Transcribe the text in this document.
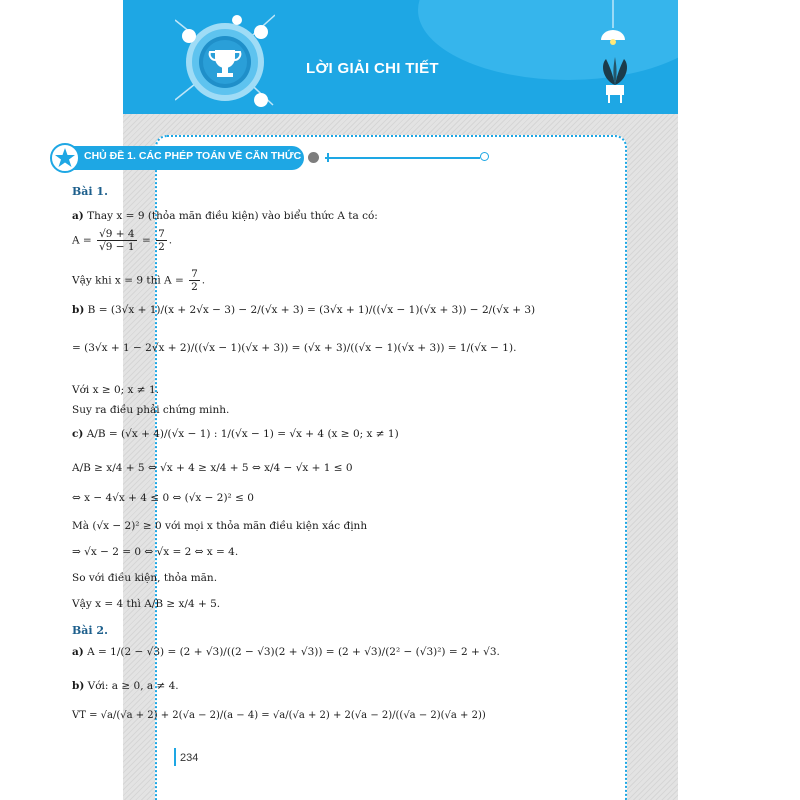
LỜI GIẢI CHI TIẾT
CHỦ ĐỀ 1. CÁC PHÉP TOÁN VỀ CĂN THỨC
Bài 1.
a) Thay x = 9 (thỏa mãn điều kiện) vào biểu thức A ta có:
$A = \frac{√9 + 4}{√9 - 1} = \frac{7}{2}$ .
Vậy khi x = 9 thì $A = \frac{7}{2}$ .
b) B = (3√x + 1)/(x + 2√x − 3) − 2/(√x + 3) = (3√x + 1)/((√x − 1)(√x + 3)) − 2/(√x + 3)
= (3√x + 1 − 2√x + 2)/((√x − 1)(√x + 3)) = (√x + 3)/((√x − 1)(√x + 3)) = 1/(√x − 1).
Với x ≥ 0; x ≠ 1.
Suy ra điều phải chứng minh.
c) A/B = (√x + 4)/(√x − 1) : 1/(√x − 1) = √x + 4 (x ≥ 0; x ≠ 1)
A/B ≥ x/4 + 5 ⇔ √x + 4 ≥ x/4 + 5 ⇔ x/4 − √x + 1 ≤ 0
⇔ x − 4√x + 4 ≤ 0 ⇔ (√x − 2)² ≤ 0
Mà (√x − 2)² ≥ 0 với mọi x thỏa mãn điều kiện xác định
⇒ √x − 2 = 0 ⇔ √x = 2 ⇔ x = 4.
So với điều kiện, thỏa mãn.
Vậy x = 4 thì A/B ≥ x/4 + 5.
Bài 2.
a) A = 1/(2 − √3) = (2 + √3)/((2 − √3)(2 + √3)) = (2 + √3)/(2² − (√3)²) = 2 + √3.
b) Với: a ≥ 0, a ≠ 4.
VT = √a/(√a + 2) + 2(√a − 2)/(a − 4) = √a/(√a + 2) + 2(√a − 2)/((√a − 2)(√a + 2))
234
